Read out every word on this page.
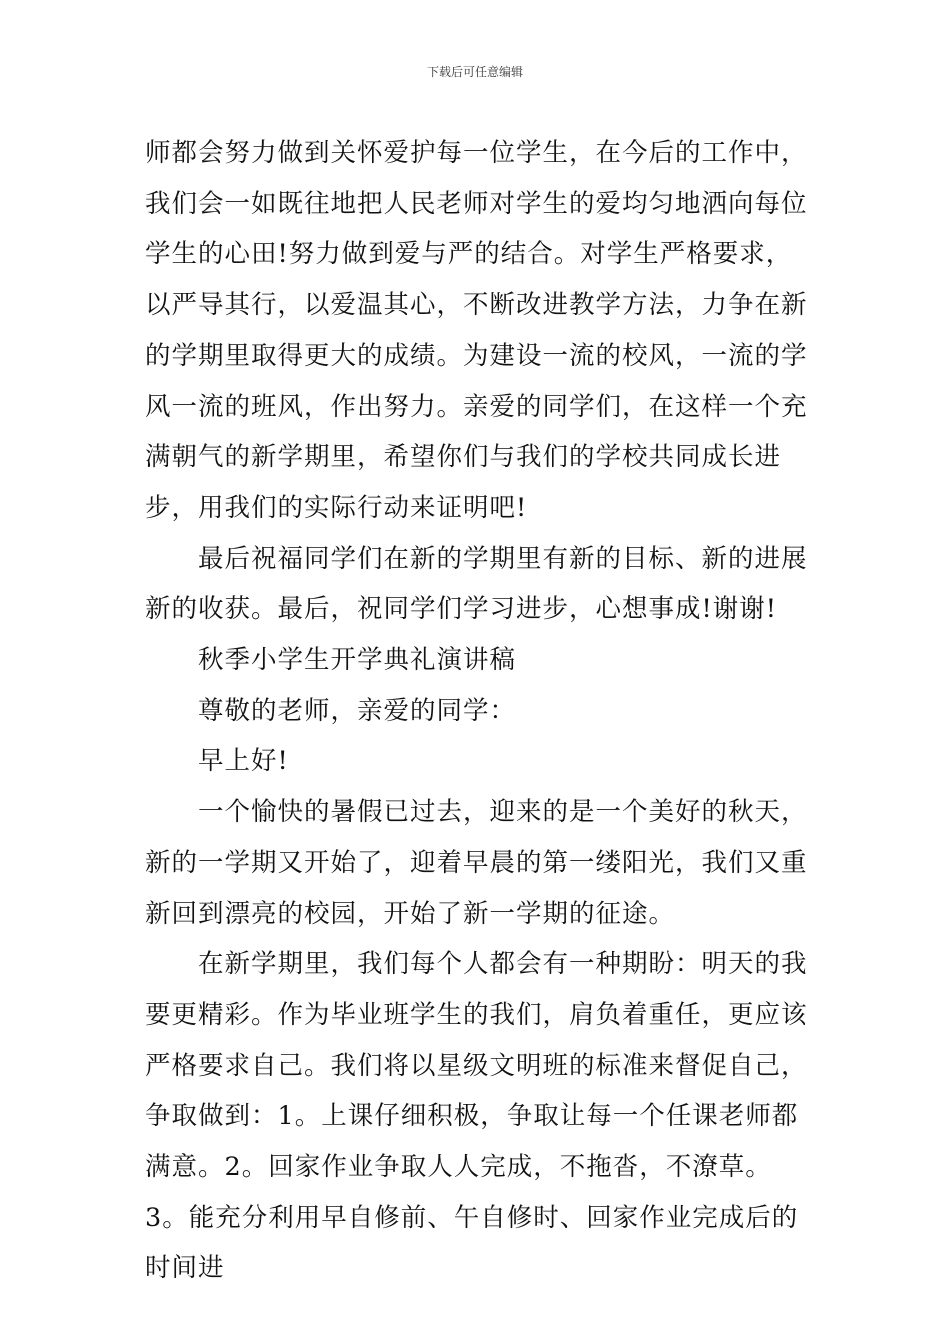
下载后可任意编辑

师都会努力做到关怀爱护每一位学生，在今后的工作中，我们会一如既往地把人民老师对学生的爱均匀地洒向每位学生的心田!努力做到爱与严的结合。对学生严格要求，以严导其行，以爱温其心，不断改进教学方法，力争在新的学期里取得更大的成绩。为建设一流的校风，一流的学风一流的班风，作出努力。亲爱的同学们，在这样一个充满朝气的新学期里，希望你们与我们的学校共同成长进步，用我们的实际行动来证明吧!

最后祝福同学们在新的学期里有新的目标、新的进展新的收获。最后，祝同学们学习进步，心想事成!谢谢!

秋季小学生开学典礼演讲稿

尊敬的老师，亲爱的同学：

早上好!

一个愉快的暑假已过去，迎来的是一个美好的秋天，新的一学期又开始了，迎着早晨的第一缕阳光，我们又重新回到漂亮的校园，开始了新一学期的征途。

在新学期里，我们每个人都会有一种期盼：明天的我要更精彩。作为毕业班学生的我们，肩负着重任，更应该严格要求自己。我们将以星级文明班的标准来督促自己，争取做到：1。上课仔细积极，争取让每一个任课老师都满意。2。回家作业争取人人完成，不拖沓，不潦草。3。能充分利用早自修前、午自修时、回家作业完成后的时间进
